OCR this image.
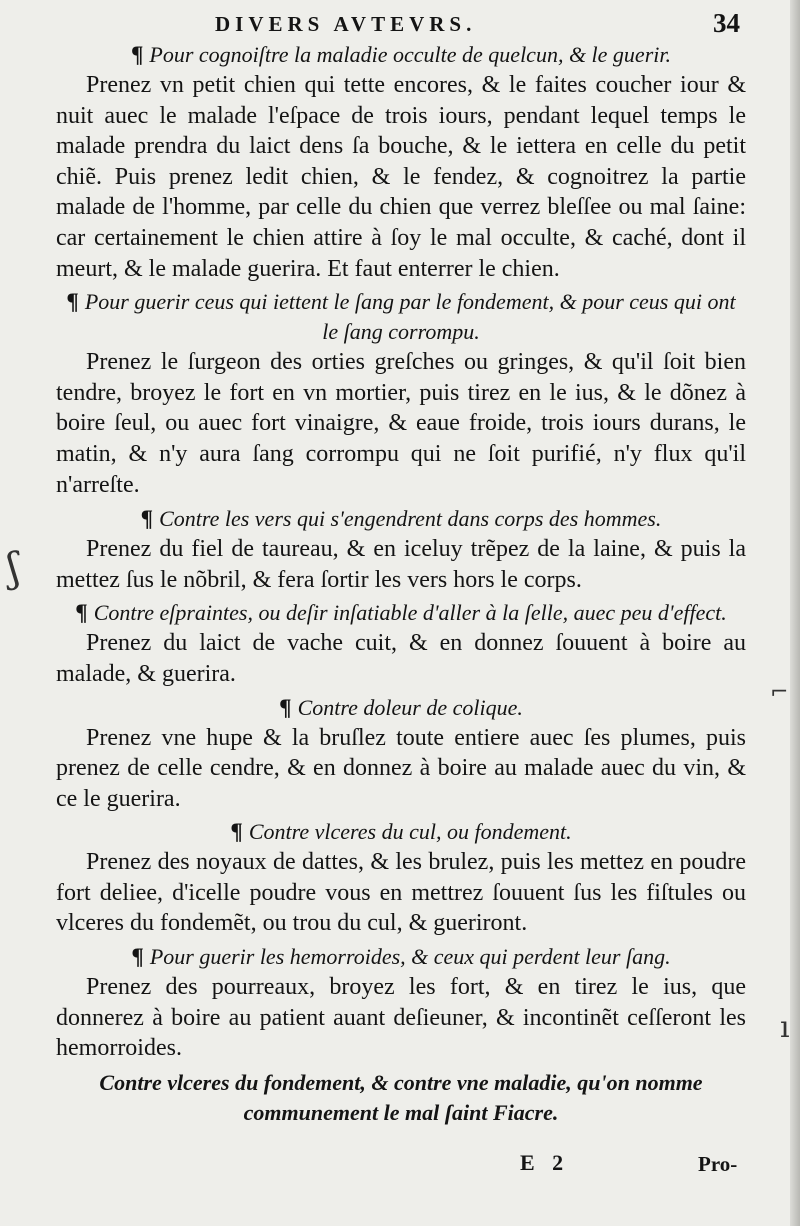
DIVERS AVTEVRS.	34
¶ Pour cognoiſtre la maladie occulte de quelcun, & le guerir.

Prenez vn petit chien qui tette encores, & le faites coucher iour & nuit auec le malade l'eſpace de trois iours, pendant lequel temps le malade prendra du laict dens ſa bouche, & le iettera en celle du petit chiẽ. Puis prenez ledit chien, & le fendez, & cognoitrez la partie malade de l'homme, par celle du chien que verrez bleſſee ou mal ſaine: car certainement le chien attire à ſoy le mal occulte, & caché, dont il meurt, & le malade guerira. Et faut enterrer le chien.

¶ Pour guerir ceus qui iettent le ſang par le fondement, & pour ceus qui ont le ſang corrompu.

Prenez le ſurgeon des orties greſches ou gringes, & qu'il ſoit bien tendre, broyez le fort en vn mortier, puis tirez en le ius, & le dõnez à boire ſeul, ou auec fort vinaigre, & eaue froide, trois iours durans, le matin, & n'y aura ſang corrompu qui ne ſoit purifié, n'y flux qu'il n'arreſte.

¶ Contre les vers qui s'engendrent dans corps des hommes.

Prenez du fiel de taureau, & en iceluy trẽpez de la laine, & puis la mettez ſus le nõbril, & fera ſortir les vers hors le corps.

¶ Contre eſpraintes, ou deſir inſatiable d'aller à la ſelle, auec peu d'effect.

Prenez du laict de vache cuit, & en donnez ſouuent à boire au malade, & guerira.

¶ Contre doleur de colique.

Prenez vne hupe & la bruſlez toute entiere auec ſes plumes, puis prenez de celle cendre, & en donnez à boire au malade auec du vin, & ce le guerira.

¶ Contre vlceres du cul, ou fondement.

Prenez des noyaux de dattes, & les brulez, puis les mettez en poudre fort deliee, d'icelle poudre vous en mettrez ſouuent ſus les fiſtules ou vlceres du fondemẽt, ou trou du cul, & gueriront.

¶ Pour guerir les hemorroides, & ceux qui perdent leur ſang.

Prenez des pourreaux, broyez les fort, & en tirez le ius, que donnerez à boire au patient auant deſieuner, & incontinẽt ceſſeront les hemorroides.

Contre vlceres du fondement, & contre vne maladie, qu'on nomme communement le mal ſaint Fiacre.
E 2	Pro-
ʃ
⌐
ı
